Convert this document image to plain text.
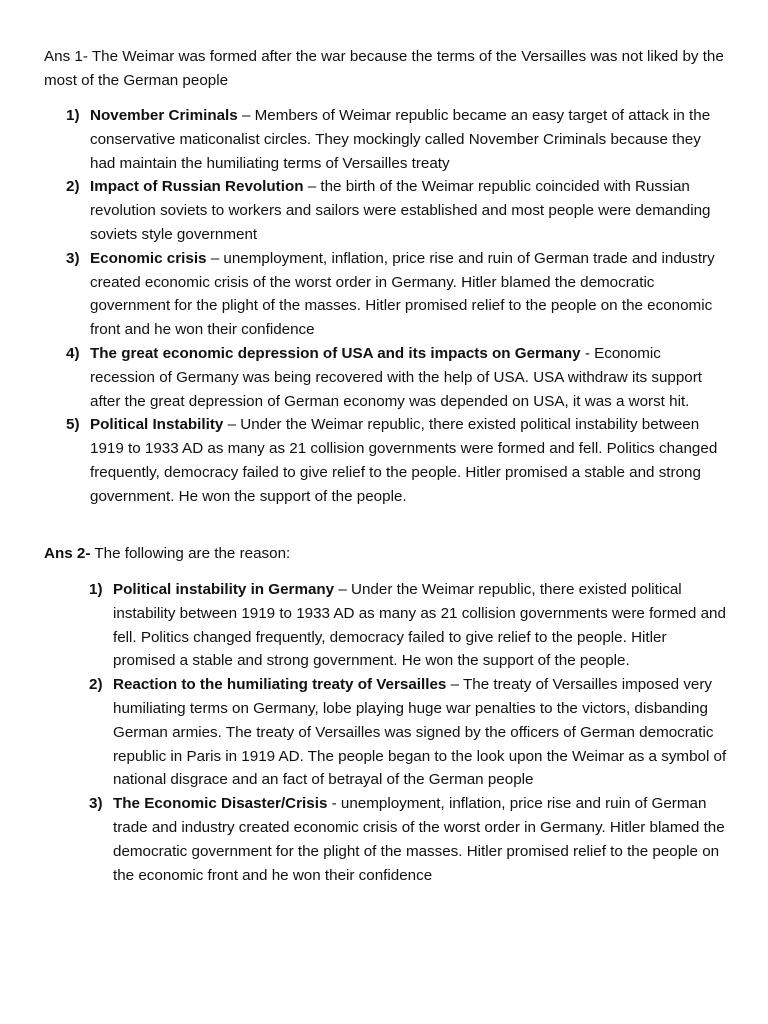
Ans 1- The Weimar was formed after the war because the terms of the Versailles was not liked by the most of the German people

1) November Criminals – Members of Weimar republic became an easy target of attack in the conservative maticonalist circles. They mockingly called November Criminals because they had maintain the humiliating terms of Versailles treaty
2) Impact of Russian Revolution – the birth of the Weimar republic coincided with Russian revolution soviets to workers and sailors were established and most people were demanding soviets style government
3) Economic crisis – unemployment, inflation, price rise and ruin of German trade and industry created economic crisis of the worst order in Germany. Hitler blamed the democratic government for the plight of the masses. Hitler promised relief to the people on the economic front and he won their confidence
4) The great economic depression of USA and its impacts on Germany - Economic recession of Germany was being recovered with the help of USA. USA withdraw its support after the great depression of German economy was depended on USA, it was a worst hit.
5) Political Instability – Under the Weimar republic, there existed political instability between 1919 to 1933 AD as many as 21 collision governments were formed and fell. Politics changed frequently, democracy failed to give relief to the people. Hitler promised a stable and strong government. He won the support of the people.

Ans 2- The following are the reason:

1) Political instability in Germany – Under the Weimar republic, there existed political instability between 1919 to 1933 AD as many as 21 collision governments were formed and fell. Politics changed frequently, democracy failed to give relief to the people. Hitler promised a stable and strong government. He won the support of the people.
2) Reaction to the humiliating treaty of Versailles – The treaty of Versailles imposed very humiliating terms on Germany, lobe playing huge war penalties to the victors, disbanding German armies. The treaty of Versailles was signed by the officers of German democratic republic in Paris in 1919 AD. The people began to the look upon the Weimar as a symbol of national disgrace and an fact of betrayal of the German people
3) The Economic Disaster/Crisis - unemployment, inflation, price rise and ruin of German trade and industry created economic crisis of the worst order in Germany. Hitler blamed the democratic government for the plight of the masses. Hitler promised relief to the people on the economic front and he won their confidence
